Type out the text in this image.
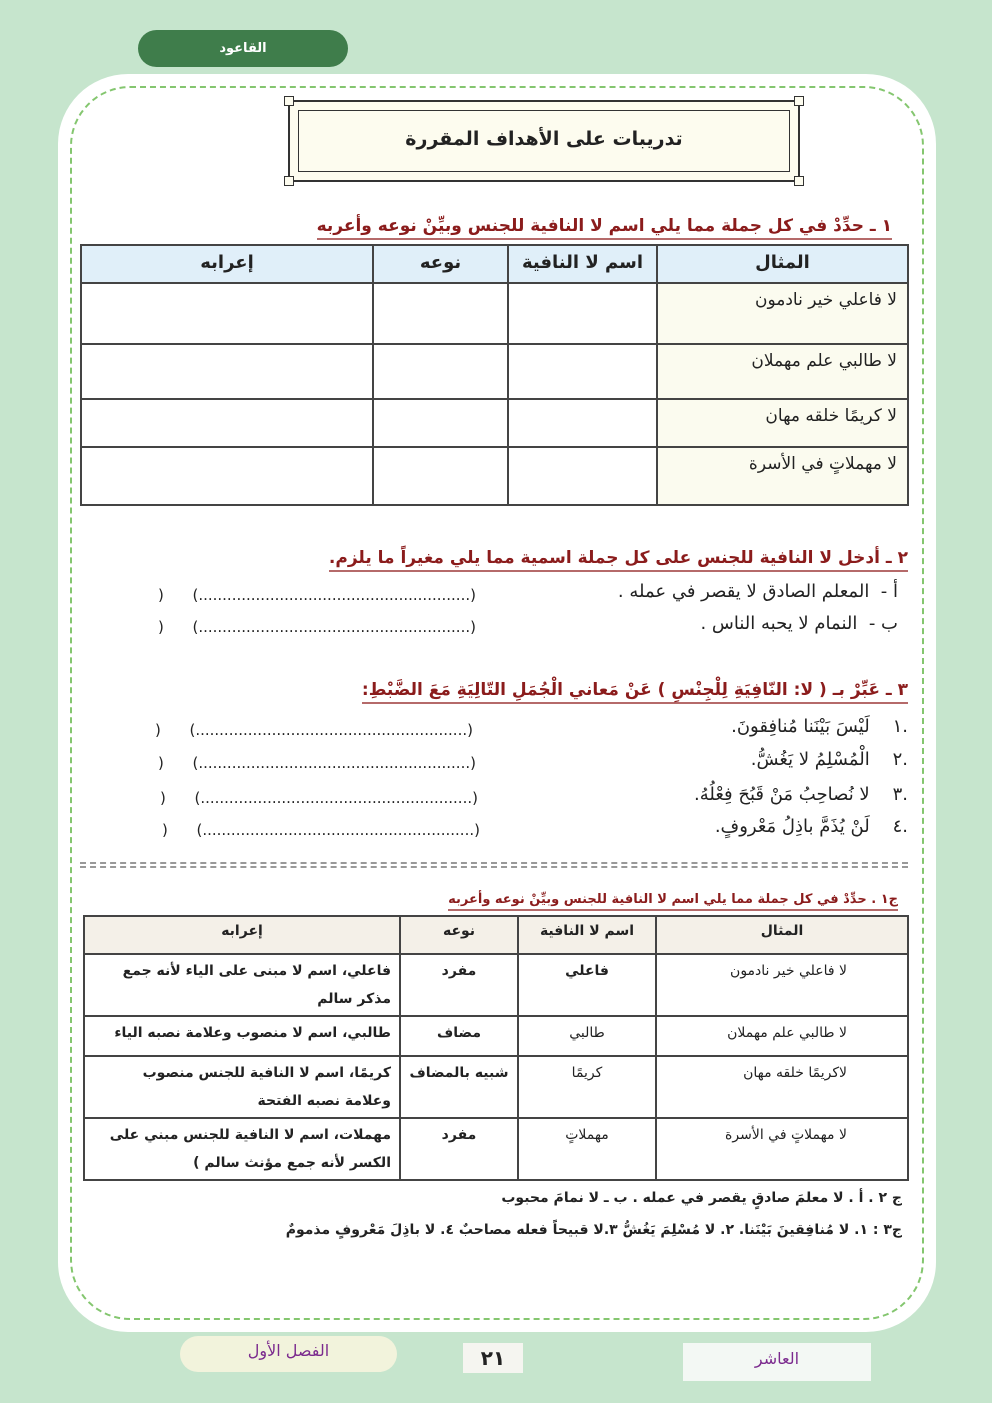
القاعود
تدريبات على الأهداف المقررة
١ ـ حدِّدْ في كل جملة مما يلي اسم لا النافية للجنس وبيِّنْ نوعه وأعربه
المثال	اسم لا النافية	نوعه	إعرابه
لا فاعلي خير نادمون			
لا طالبي علم مهملان			
لا كريمًا خلقه مهان			
لا مهملاتٍ في الأسرة			
٢ ـ أدخل لا النافية للجنس على كل جملة اسمية مما يلي مغيراً ما يلزم.
أ -  المعلم الصادق لا يقصر في عمله .
)      (.........................................................)
ب -  النمام لا يحبه الناس .
)      (.........................................................)
٣ ـ عَبِّرْ بـ ( لا: النّافِيَةِ لِلْجِنْسِ ) عَنْ مَعاني الْجُمَلِ التّالِيَةِ مَعَ الضَّبْطِ:
.١    لَيْسَ بَيْنَنا مُنافِقونَ.
)      (.........................................................)
.٢    الْمُسْلِمُ لا يَغُشُّ.
)      (.........................................................)
.٣    لا نُصاحِبُ مَنْ قَبُحَ فِعْلُهُ.
)      (.........................................................)
.٤    لَنْ يُذَمَّ باذِلُ مَعْروفٍ.
)      (.........................................................)
ج١ . حدِّدْ في كل جملة مما يلي اسم لا النافية للجنس وبيِّنْ نوعه وأعربه
المثال	اسم لا النافية	نوعه	إعرابه
لا فاعلي خير نادمون	فاعلي	مفرد	فاعلي، اسم لا مبنى على الياء لأنه جمع مذكر سالم
لا طالبي علم مهملان	طالبي	مضاف	طالبي، اسم لا منصوب وعلامة نصبه الياء
لاكريمًا خلقه مهان	كريمًا	شبيه بالمضاف	كريمًا، اسم لا النافية للجنس منصوب وعلامة نصبه الفتحة
لا مهملاتٍ في الأسرة	مهملاتٍ	مفرد	مهملات، اسم لا النافية للجنس مبني على الكسر لأنه جمع مؤنث سالم )
ج ٢ . أ . لا معلمَ صادقٍ يقصر في عمله . ب ـ لا نمامَ محبوب
ج٣ : ١. لا مُنافِقينَ بَيْنَنا. ٢. لا مُسْلِمَ يَغُشُّ ٣.لا قبيحاً فعله مصاحبٌ ٤. لا باذِلَ مَعْروفٍ مذمومٌ
الفصل الأول	٢١	العاشر
